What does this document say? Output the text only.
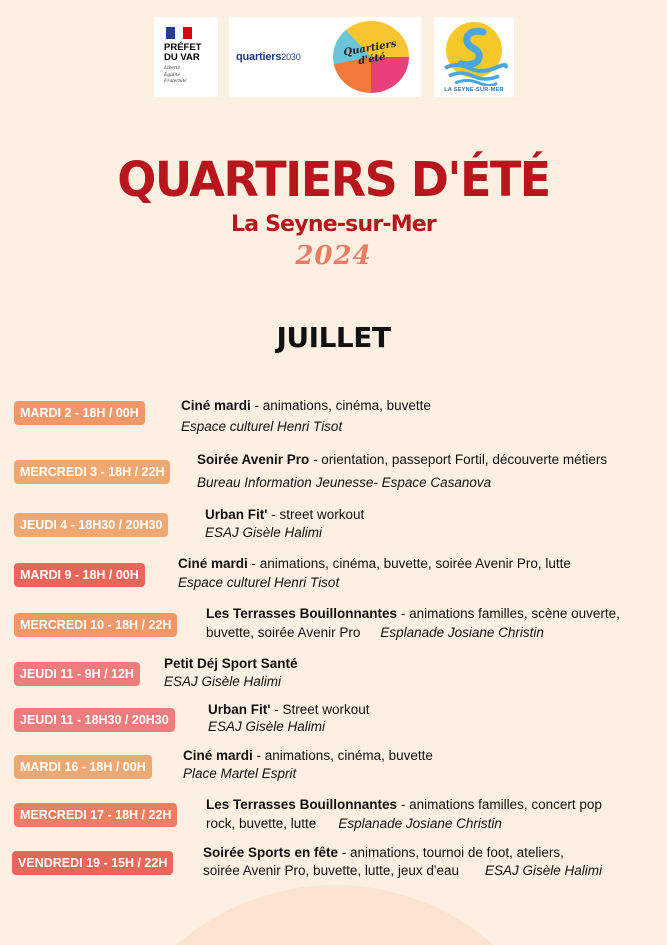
PRÉFET
DU VAR
Liberté
Égalité
Fraternité
quartiers2030	Quartiers
d'été
LA SEYNE-SUR-MER
QUARTIERS D'ÉTÉ
La Seyne-sur-Mer
2024
JUILLET
MARDI 2 - 18H / 00H	Ciné mardi - animations, cinéma, buvette
Espace culturel Henri Tisot
MERCREDI 3 - 18H / 22H
Soirée Avenir Pro - orientation, passeport Fortil, découverte métiers
Bureau Information Jeunesse- Espace Casanova
JEUDI 4 - 18H30 / 20H30
Urban Fit' - street workout
ESAJ Gisèle Halimi
MARDI 9 - 18H / 00H
Ciné mardi - animations, cinéma, buvette, soirée Avenir Pro, lutte
Espace culturel Henri Tisot
MERCREDI 10 - 18H / 22H
Les Terrasses Bouillonnantes - animations familles, scène ouverte,
buvette, soirée Avenir Pro Esplanade Josiane Christin
JEUDI 11 - 9H / 12H
Petit Déj Sport Santé
ESAJ Gisèle Halimi
JEUDI 11 - 18H30 / 20H30
Urban Fit' - Street workout
ESAJ Gisèle Halimi
MARDI 16 - 18H / 00H
Ciné mardi - animations, cinéma, buvette
Place Martel Esprit
MERCREDI 17 - 18H / 22H
Les Terrasses Bouillonnantes - animations familles, concert pop
rock, buvette, lutte Esplanade Josiane Christin
VENDREDI 19 - 15H / 22H
Soirée Sports en fête - animations, tournoi de foot, ateliers,
soirée Avenir Pro, buvette, lutte, jeux d'eau ESAJ Gisèle Halimi
